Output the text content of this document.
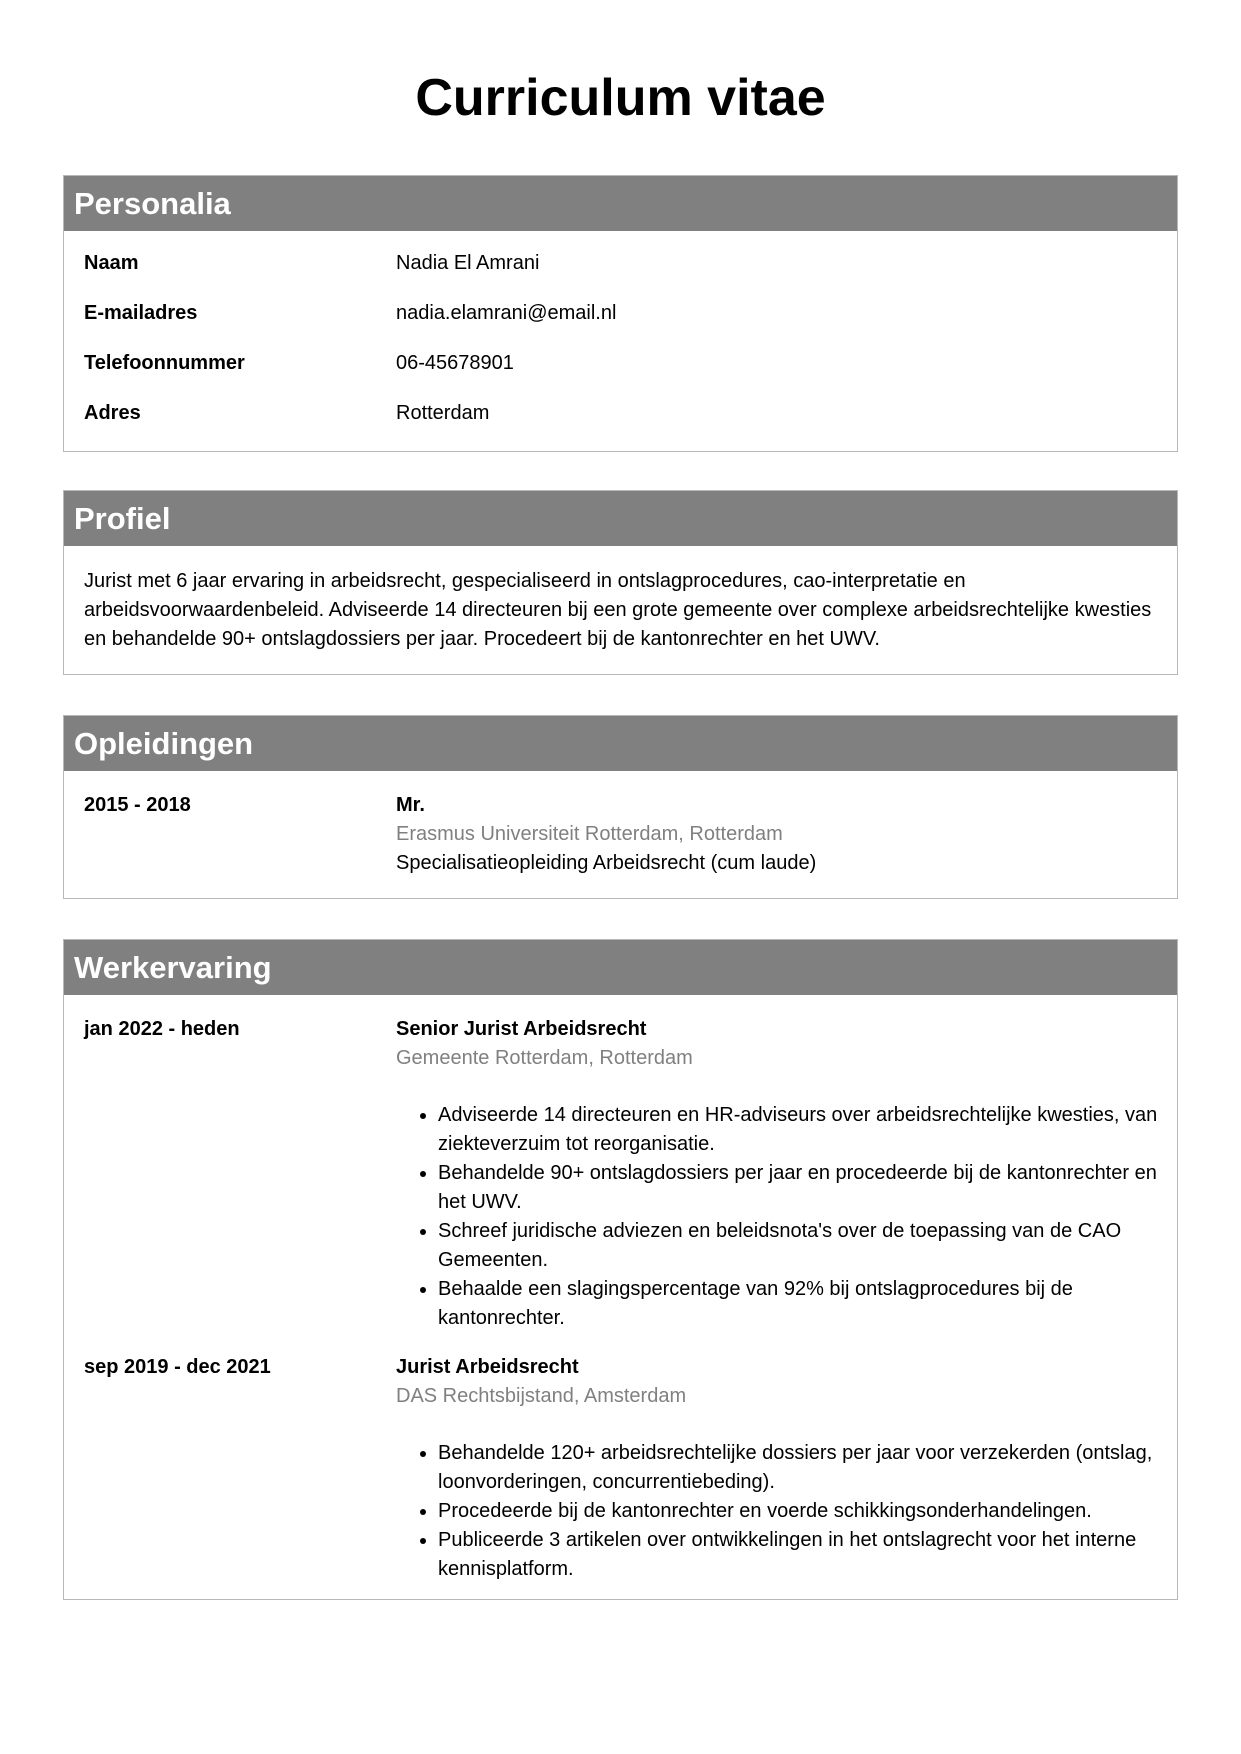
Curriculum vitae
Personalia
Naam	Nadia El Amrani
E-mailadres	nadia.elamrani@email.nl
Telefoonnummer	06-45678901
Adres	Rotterdam
Profiel
Jurist met 6 jaar ervaring in arbeidsrecht, gespecialiseerd in ontslagprocedures, cao-interpretatie en arbeidsvoorwaardenbeleid. Adviseerde 14 directeuren bij een grote gemeente over complexe arbeidsrechtelijke kwesties en behandelde 90+ ontslagdossiers per jaar. Procedeert bij de kantonrechter en het UWV.
Opleidingen
2015 - 2018	Mr.
Erasmus Universiteit Rotterdam, Rotterdam
Specialisatieopleiding Arbeidsrecht (cum laude)
Werkervaring
jan 2022 - heden	Senior Jurist Arbeidsrecht
Gemeente Rotterdam, Rotterdam
• Adviseerde 14 directeuren en HR-adviseurs over arbeidsrechtelijke kwesties, van ziekteverzuim tot reorganisatie.
• Behandelde 90+ ontslagdossiers per jaar en procedeerde bij de kantonrechter en het UWV.
• Schreef juridische adviezen en beleidsnota's over de toepassing van de CAO Gemeenten.
• Behaalde een slagingspercentage van 92% bij ontslagprocedures bij de kantonrechter.
sep 2019 - dec 2021	Jurist Arbeidsrecht
DAS Rechtsbijstand, Amsterdam
• Behandelde 120+ arbeidsrechtelijke dossiers per jaar voor verzekerden (ontslag, loonvorderingen, concurrentiebeding).
• Procedeerde bij de kantonrechter en voerde schikkingsonderhandelingen.
• Publiceerde 3 artikelen over ontwikkelingen in het ontslagrecht voor het interne kennisplatform.
